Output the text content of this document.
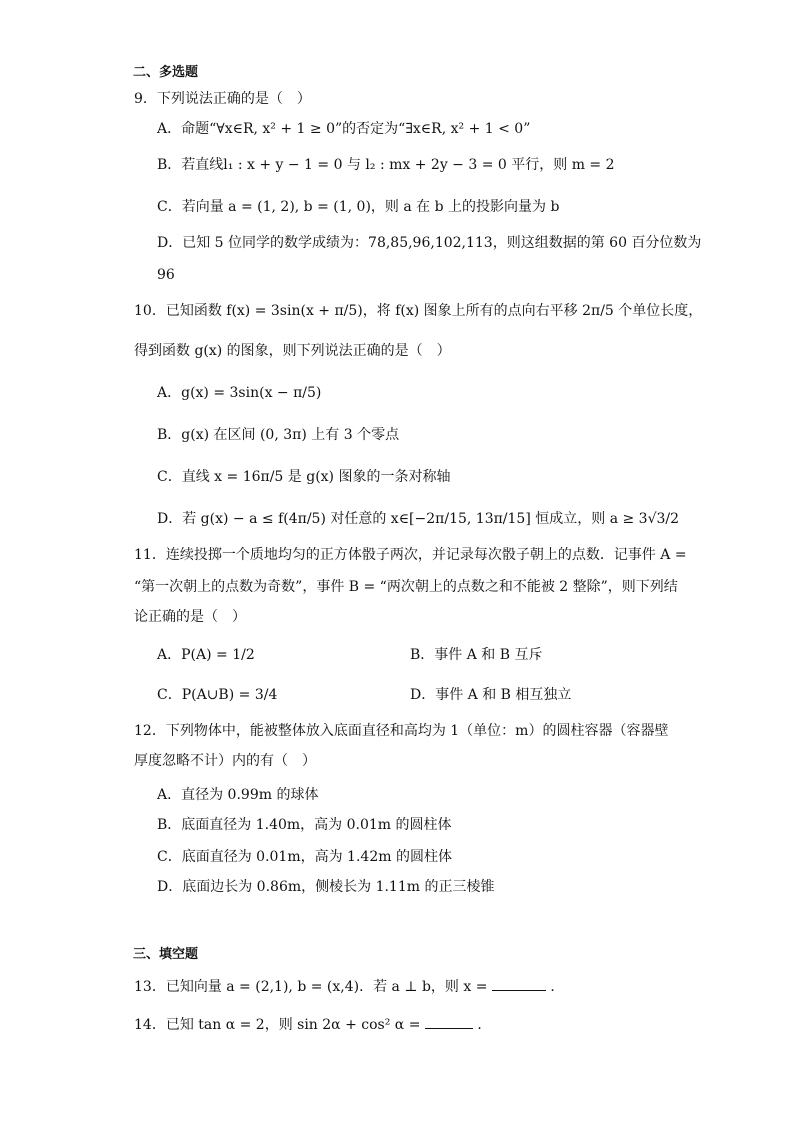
二、多选题
9．下列说法正确的是（　）
A．命题“∀x∈R, x² + 1 ≥ 0”的否定为“∃x∈R, x² + 1 < 0”
B．若直线l₁ : x + y − 1 = 0 与 l₂ : mx + 2y − 3 = 0 平行，则 m = 2
C．若向量 a = (1, 2), b = (1, 0)，则 a 在 b 上的投影向量为 b
D．已知 5 位同学的数学成绩为：78,85,96,102,113，则这组数据的第 60 百分位数为
96
10．已知函数 f(x) = 3sin(x + π/5)，将 f(x) 图象上所有的点向右平移 2π/5 个单位长度，
得到函数 g(x) 的图象，则下列说法正确的是（　）
A．g(x) = 3sin(x − π/5)
B．g(x) 在区间 (0, 3π) 上有 3 个零点
C．直线 x = 16π/5 是 g(x) 图象的一条对称轴
D．若 g(x) − a ≤ f(4π/5) 对任意的 x∈[−2π/15, 13π/15] 恒成立，则 a ≥ 3√3/2
11．连续投掷一个质地均匀的正方体骰子两次，并记录每次骰子朝上的点数．记事件 A =
“第一次朝上的点数为奇数”，事件 B = “两次朝上的点数之和不能被 2 整除”，则下列结
论正确的是（　）
A．P(A) = 1/2	B．事件 A 和 B 互斥
C．P(A∪B) = 3/4	D．事件 A 和 B 相互独立
12．下列物体中，能被整体放入底面直径和高均为 1（单位：m）的圆柱容器（容器壁
厚度忽略不计）内的有（　）
A．直径为 0.99m 的球体
B．底面直径为 1.40m，高为 0.01m 的圆柱体
C．底面直径为 0.01m，高为 1.42m 的圆柱体
D．底面边长为 0.86m，侧棱长为 1.11m 的正三棱锥
三、填空题
13．已知向量 a = (2,1), b = (x,4)．若 a ⊥ b，则 x =	．
14．已知 tan α = 2，则 sin 2α + cos² α =	．
